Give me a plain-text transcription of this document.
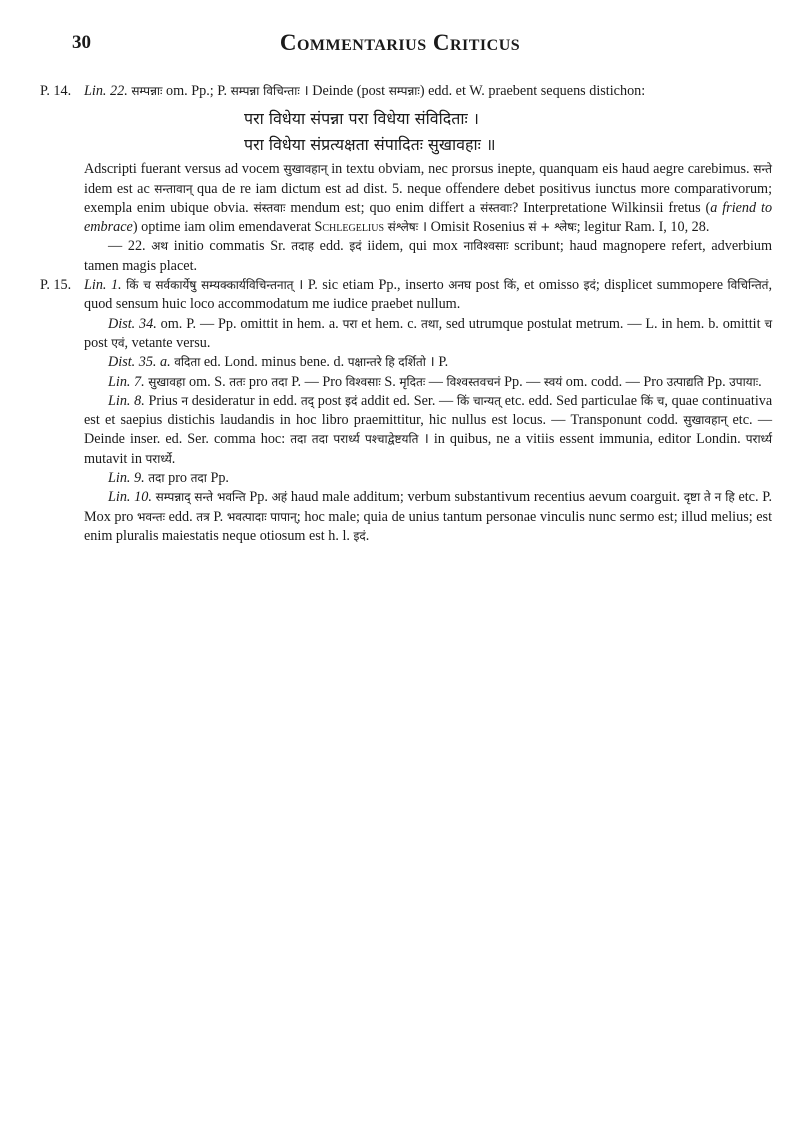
30	Commentarius Criticus
P. 14. Lin. 22. सम्पन्नाः om. Pp.; P. सम्पन्ना विचिन्ताः । Deinde (post सम्पन्नाः) edd. et W. praebent sequens distichon:

परा विधेया संपन्ना परा विधेया संविदिताः ।
परा विधेया संप्रत्यक्षता संपादितः सुखावहाः ॥

Adscripti fuerant versus ad vocem सुखावहान् in textu obviam, nec prorsus inepte, quanquam eis haud aegre carebimus. सन्ते idem est ac सन्तावान् qua de re iam dictum est ad dist. 5. neque offendere debet positivus iunctus more comparativorum; exempla enim ubique obvia. संस्तवाः mendum est; quo enim differt a संस्तवाः? Interpretatione Wilkinsii fretus (a friend to embrace) optime iam olim emendaverat Schlegelius संश्लेषः । Omisit Rosenius सं + श्लेषः; legitur Ram. I, 10, 28.

— 22. अथ initio commatis Sr. तदाह edd. इदं iidem, qui mox नाविश्वसाः scribunt; haud magnopere refert, adverbium tamen magis placet.

P. 15. Lin. 1. किं च सर्वकार्येषु सम्यक्कार्यविचिन्तनात् । P. sic etiam Pp., inserto अनघ post किं, et omisso इदं; displicet summopere विचिन्तितं, quod sensum huic loco accommodatum me iudice praebet nullum.

Dist. 34. om. P. — Pp. omittit in hem. a. परा et hem. c. तथा, sed utrumque postulat metrum. — L. in hem. b. omittit च post एवं, vetante versu.

Dist. 35. a. वदिता ed. Lond. minus bene. d. पक्षान्तरे हि दर्शितो । P.

Lin. 7. सुखावहा om. S. ततः pro तदा P. — Pro विश्वसाः S. मृदितः — विश्वस्तवचनं Pp. — स्वयं om. codd. — Pro उत्पाद्यति Pp. उपायाः.

Lin. 8. Prius न desideratur in edd. तद् post इदं addit ed. Ser. — किं चान्यत् etc. edd. Sed particulae किं च, quae continuativa est et saepius distichis laudandis in hoc libro praemittitur, hic nullus est locus. — Transponunt codd. सुखावहान् etc. — Deinde inser. ed. Ser. comma hoc: तदा तदा परार्ध्य पश्चाद्वेष्टयति । in quibus, ne a vitiis essent immunia, editor Londin. परार्ध्य mutavit in परार्ध्ये.

Lin. 9. तदा pro तदा Pp.

Lin. 10. सम्पन्नाद् सन्ते भवन्ति Pp. अहं haud male additum; verbum substantivum recentius aevum coarguit. दृष्टा ते न हि etc. P. Mox pro भवन्तः edd. तत्र P. भवत्पादाः पापान्; hoc male; quia de unius tantum personae vinculis nunc sermo est; illud melius; est enim pluralis maiestatis neque otiosum est h. l. इदं.
